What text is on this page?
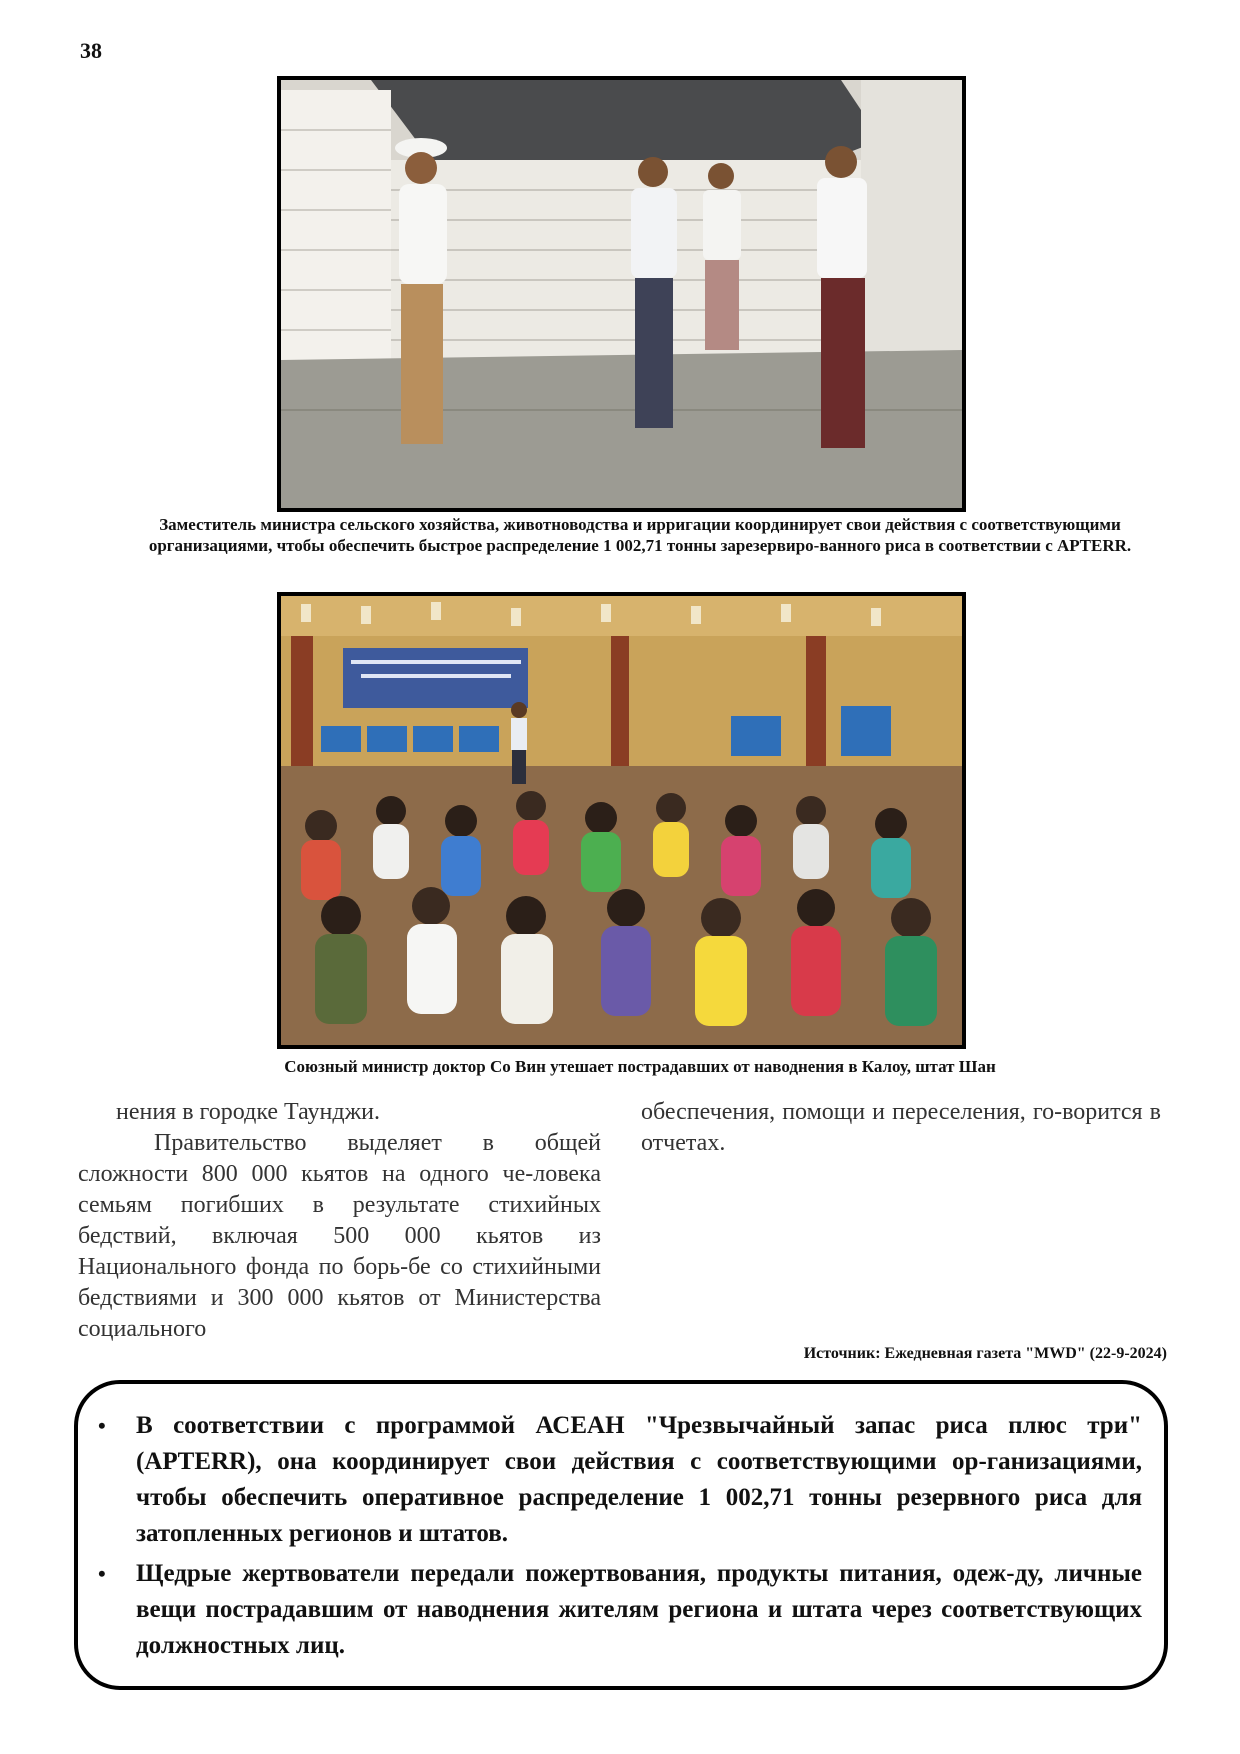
38
Заместитель министра сельского хозяйства, животноводства и ирригации координирует свои действия с соответствующими организациями, чтобы обеспечить быстрое распределение 1 002,71 тонны зарезервиро-ванного риса в соответствии с APTERR.
Союзный министр доктор Со Вин утешает пострадавших от наводнения в Калоу, штат Шан

нения в городке Таунджи.

Правительство выделяет в общей сложности 800 000 кьятов на одного че-ловека семьям погибших в результате стихийных бедствий, включая 500 000 кьятов из Национального фонда по борь-бе со стихийными бедствиями и 300 000 кьятов от Министерства социального

обеспечения, помощи и переселения, го-ворится в отчетах.

Источник: Ежедневная газета "MWD" (22-9-2024)
• В соответствии с программой АСЕАН "Чрезвычайный запас риса плюс три" (APTERR), она координирует свои действия с соответствующими ор-ганизациями, чтобы обеспечить оперативное распределение 1 002,71 тонны резервного риса для затопленных регионов и штатов.
• Щедрые жертвователи передали пожертвования, продукты питания, одеж-ду, личные вещи пострадавшим от наводнения жителям региона и штата через соответствующих должностных лиц.
